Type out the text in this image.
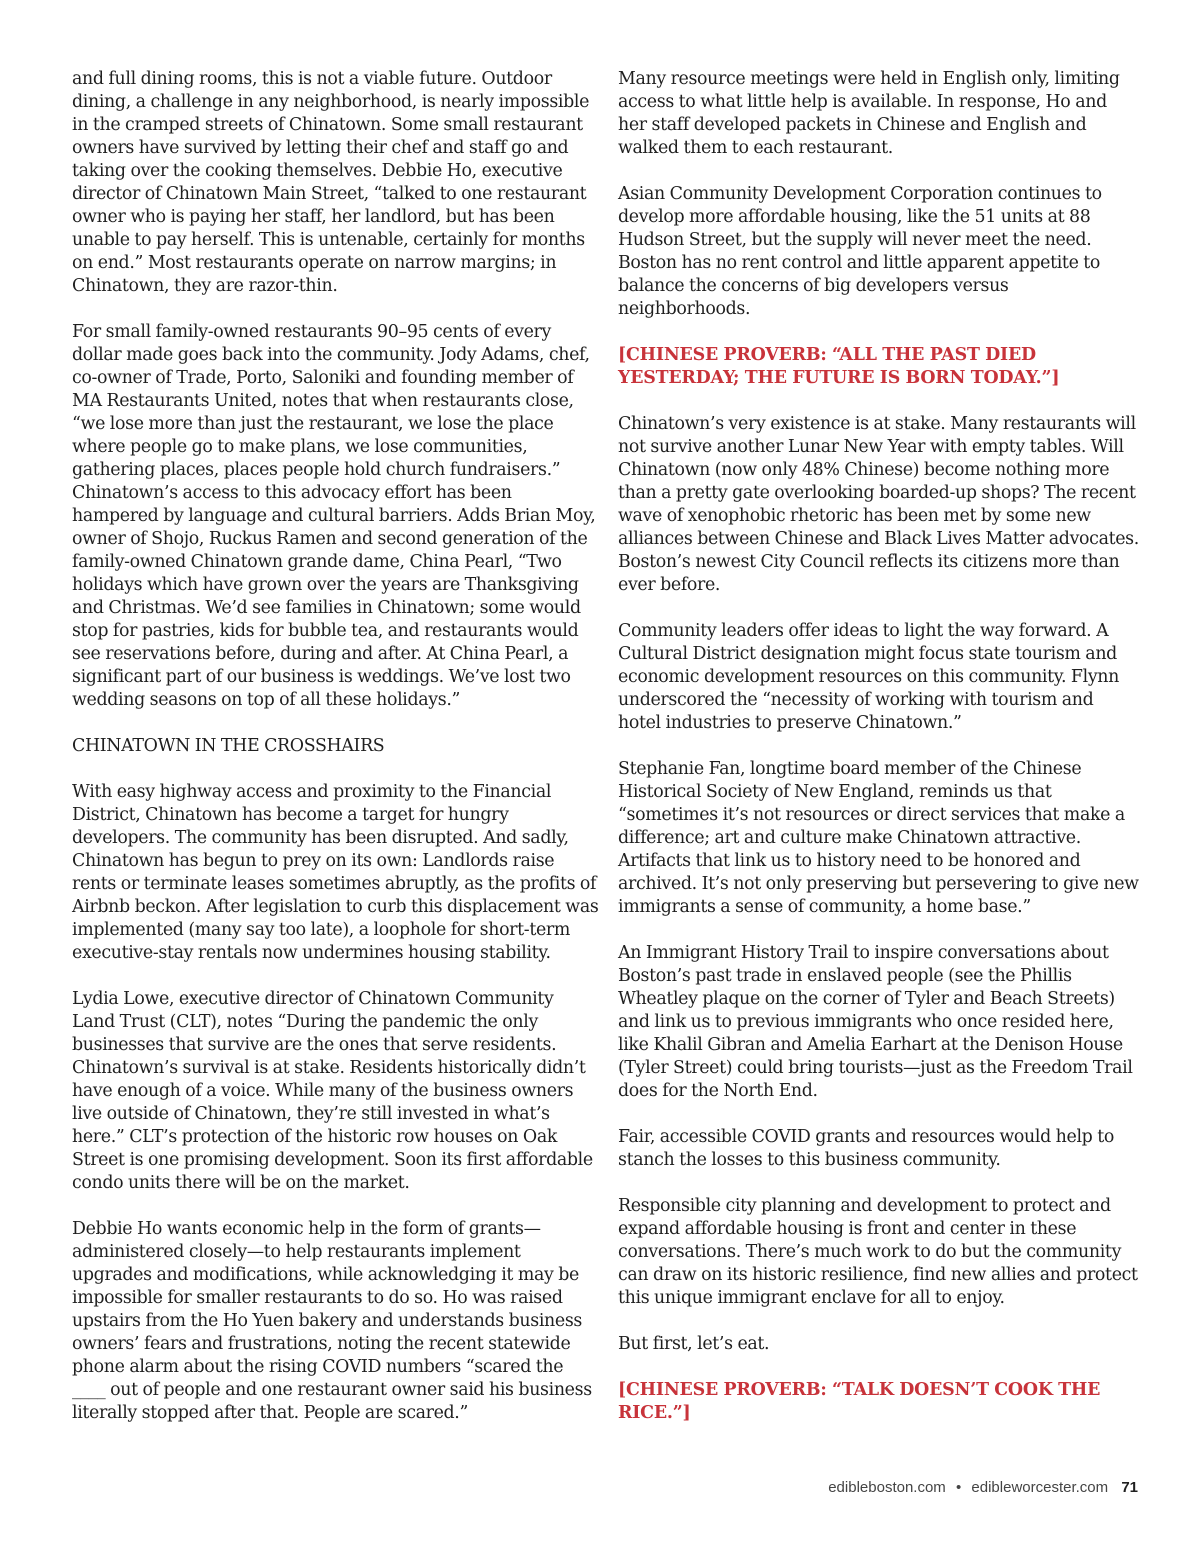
and full dining rooms, this is not a viable future. Outdoor dining, a challenge in any neighborhood, is nearly impossible in the cramped streets of Chinatown. Some small restaurant owners have survived by letting their chef and staff go and taking over the cooking themselves. Debbie Ho, executive director of Chinatown Main Street, “talked to one restaurant owner who is paying her staff, her landlord, but has been unable to pay herself. This is untenable, certainly for months on end.” Most restaurants operate on narrow margins; in Chinatown, they are razor-thin.

For small family-owned restaurants 90–95 cents of every dollar made goes back into the community. Jody Adams, chef, co-owner of Trade, Porto, Saloniki and founding member of MA Restaurants United, notes that when restaurants close, “we lose more than just the restaurant, we lose the place where people go to make plans, we lose communities, gathering places, places people hold church fundraisers.” Chinatown’s access to this advocacy effort has been hampered by language and cultural barriers. Adds Brian Moy, owner of Shojo, Ruckus Ramen and second generation of the family-owned Chinatown grande dame, China Pearl, “Two holidays which have grown over the years are Thanksgiving and Christmas. We’d see families in Chinatown; some would stop for pastries, kids for bubble tea, and restaurants would see reservations before, during and after. At China Pearl, a significant part of our business is weddings. We’ve lost two wedding seasons on top of all these holidays.”

CHINATOWN IN THE CROSSHAIRS

With easy highway access and proximity to the Financial District, Chinatown has become a target for hungry developers. The community has been disrupted. And sadly, Chinatown has begun to prey on its own: Landlords raise rents or terminate leases sometimes abruptly, as the profits of Airbnb beckon. After legislation to curb this displacement was implemented (many say too late), a loophole for short-term executive-stay rentals now undermines housing stability.

Lydia Lowe, executive director of Chinatown Community Land Trust (CLT), notes “During the pandemic the only businesses that survive are the ones that serve residents. Chinatown’s survival is at stake. Residents historically didn’t have enough of a voice. While many of the business owners live outside of Chinatown, they’re still invested in what’s here.” CLT’s protection of the historic row houses on Oak Street is one promising development. Soon its first affordable condo units there will be on the market.

Debbie Ho wants economic help in the form of grants—administered closely—to help restaurants implement upgrades and modifications, while acknowledging it may be impossible for smaller restaurants to do so. Ho was raised upstairs from the Ho Yuen bakery and understands business owners’ fears and frustrations, noting the recent statewide phone alarm about the rising COVID numbers “scared the ____ out of people and one restaurant owner said his business literally stopped after that. People are scared.”

Many resource meetings were held in English only, limiting access to what little help is available. In response, Ho and her staff developed packets in Chinese and English and walked them to each restaurant.

Asian Community Development Corporation continues to develop more affordable housing, like the 51 units at 88 Hudson Street, but the supply will never meet the need. Boston has no rent control and little apparent appetite to balance the concerns of big developers versus neighborhoods.

[CHINESE PROVERB: “ALL THE PAST DIED YESTERDAY; THE FUTURE IS BORN TODAY.”]

Chinatown’s very existence is at stake. Many restaurants will not survive another Lunar New Year with empty tables. Will Chinatown (now only 48% Chinese) become nothing more than a pretty gate overlooking boarded-up shops? The recent wave of xenophobic rhetoric has been met by some new alliances between Chinese and Black Lives Matter advocates. Boston’s newest City Council reflects its citizens more than ever before.

Community leaders offer ideas to light the way forward. A Cultural District designation might focus state tourism and economic development resources on this community. Flynn underscored the “necessity of working with tourism and hotel industries to preserve Chinatown.”

Stephanie Fan, longtime board member of the Chinese Historical Society of New England, reminds us that “sometimes it’s not resources or direct services that make a difference; art and culture make Chinatown attractive. Artifacts that link us to history need to be honored and archived. It’s not only preserving but persevering to give new immigrants a sense of community, a home base.”

An Immigrant History Trail to inspire conversations about Boston’s past trade in enslaved people (see the Phillis Wheatley plaque on the corner of Tyler and Beach Streets) and link us to previous immigrants who once resided here, like Khalil Gibran and Amelia Earhart at the Denison House (Tyler Street) could bring tourists—just as the Freedom Trail does for the North End.

Fair, accessible COVID grants and resources would help to stanch the losses to this business community.

Responsible city planning and development to protect and expand affordable housing is front and center in these conversations. There’s much work to do but the community can draw on its historic resilience, find new allies and protect this unique immigrant enclave for all to enjoy.

But first, let’s eat.

[CHINESE PROVERB: “TALK DOESN’T COOK THE RICE.”]

edibleboston.com • edibleworcester.com 71
